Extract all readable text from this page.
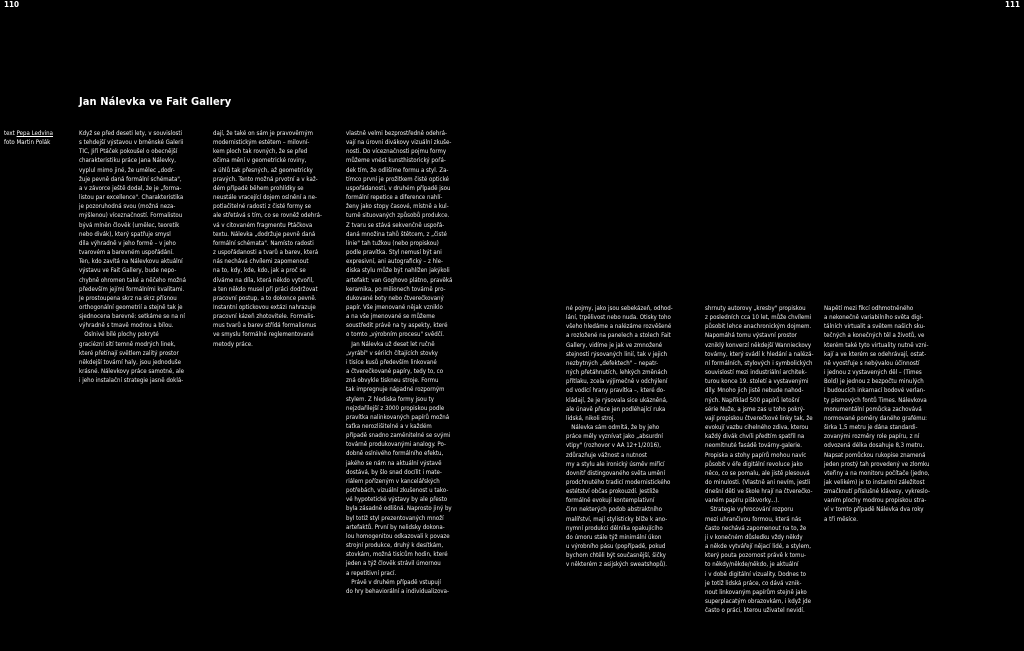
110	111
Jan Nálevka ve Fait Gallery
text Pepa Ledvina
foto Martin Polák

Když se před deseti lety, v souvislosti
s tehdejší výstavou v brněnské Galerii
TIC, Jiří Ptáček pokoušel o obecnější
charakteristiku práce Jana Nálevky,
vyplul mimo jiné, že umělec „dodr-
žuje pevně daná formální schémata",
a v závorce ještě dodal, že je „forma-
listou par excellence". Charakteristika
je pozoruhodná svou (možná neza-
mýšlenou) víceznačností. Formalistou
bývá míněn člověk (umělec, teoretik
nebo divák), který spatřuje smysl
díla výhradně v jeho formě – v jeho
tvarovém a barevném uspořádání.
Ten, kdo zavítá na Nálevkovu aktuální
výstavu ve Fait Gallery, bude nepo-
chybně ohromen také a něčeho možná
především jejími formálními kvalitami.
Je prostoupena skrz na skrz přísnou
orthogonální geometrií a stejně tak je
sjednocena barevně: setkáme se na ní
výhradně s tmavě modrou a bílou.
Oslnivé bílé plochy pokryté
graciézní sítí temně modrých linek,
které přetínají světlem zalitý prostor
někdejší tovární haly, jsou jednoduše
krásné. Nálevkovy práce samotné, ale
i jeho instalační strategie jasně doklá-

dají, že také on sám je pravověrným
modernistickým estétem – milovní-
kem ploch tak rovných, že se před
očima mění v geometrické roviny,
a úhlů tak přesných, až geometricky
pravých. Tento možná prvotní a v kaž-
dém případě během prohlídky se
neustále vracející dojem oslnění a ne-
potlačitelné radosti z čisté formy se
ale střetává s tím, co se rovněž odehrá-
vá v citovaném fragmentu Ptáčkova
textu. Nálevka „dodržuje pevně daná
formální schémata". Namísto radosti
z uspořádanosti a tvarů a barev, která
nás nechává chvílemi zapomenout
na to, kdy, kde, kdo, jak a proč se
díváme na díla, která někdo vytvořil,
a ten někdo musel při práci dodržovat
pracovní postup, a to dokonce pevně.
Instantní optickovou extázi nahrazuje
pracovní kázeň zhotovitele. Formalis-
mus tvarů a barev střídá formalismus
ve smyslu formálně reglementované
metody práce.

vlastně velmi bezprostředně odehrá-
vají na úrovni divákovy vizuální zkuše-
nosti. Do víceznačnosti pojmu formy
můžeme vnést kunsthistorický pořá-
dek tím, že odlišíme formu a styl. Za-
tímco první je prožitkem čisté optické
uspořádanosti, v druhém případě jsou
formální repetice a diference nahlí-
ženy jako stopy časové, místně a kul-
turně situovaných způsobů produkce.
Z tvaru se stává sekvenčně uspořá-
daná množina tahů štětcem, z „čisté
linie" tah tužkou (nebo propiskou)
podle pravítka. Styl nemusí být ani
expresivní, ani autografický – z hle-
diska stylu může být nahlížen jakýkoli
artefakt: van Goghovo plátno, pravěká
keramika, po milionech továrně pro-
dukované boty nebo čtverečkovaný
papír. Vše jmenované nějak vzniklo
a na vše jmenované se můžeme
soustředit právě na ty aspekty, které
o tomto „výrobním procesu" svědčí.
Jan Nálevka už deset let ručně
„vyrábí" v sériích čítajících stovky
i tisíce kusů především linkované
a čtverečkované papíry, tedy to, co
zná obvykle tiskneu stroje. Formu
tak impregnuje nápadné rozporným
stylem. Z hlediska formy jsou ty
nejzdařilejší z 3000 propiskou podle
pravítka nalinkovaných papírů možná
taťka nerozlišitelné a v každém
případě snadno zaměnitelné se svými
továrně produkovanými analogy. Po-
dobně oslnivého formálního efektu,
jakého se nám na aktuální výstavě
dostává, by šlo snad docílit i mate-
riálem pořízeným v kancelářských
potřebách, vizuální zkušenost u tako-
vé hypotetické výstavy by ale přesto
byla zásadně odlišná. Naprosto jiný by
byl totiž styl prezentovaných množí
artefaktů. První by nelidsky dokona-
lou homogenitou odkazovali k povaze
strojní produkce, druhý k desítkám,
stovkám, možná tisícům hodin, které
jeden a týž člověk strávil úmornou
a repetitivní prací.
Právě v druhém případě vstupují
do hry behaviorální a individualizova-

né pojmy, jako jsou sebekázeň, odhod-
lání, trpělivost nebo nuda. Otisky toho
všeho hledáme a nalézáme rozvěšené
a rozložené na panelech a stolech Fait
Gallery, vidíme je jak ve zmnožené
stejnosti rýsovaných linií, tak v jejich
nezbytných „defektech" – nepatr-
ných přetáhnutích, lehkých změnách
přítlaku, zcela výjimečně v odchýlení
od vodící hrany pravítka –, které do-
kládají, že je rýsovala sice ukázněná,
ale únavě přece jen podléhající ruka
lidská, nikoli stroj.
Nálevka sám odmítá, že by jeho
práce měly vyznívat jako „absurdní
vtipy" (rozhovor v AA 12+1/2016),
zdůrazňuje vážnost a nutnost
my a stylu ale ironický úsměv mířící
dovnitř distingovaného světa umění
prodchnutého tradicí modernistického
estétství občas prokouzdí. Jestliže
formálně evokují kontemplativní
činn nekterých podob abstraktního
malířství, mají stylisticky blíže k ano-
nymní produkci dělníka opakujícího
do úmoru stále týž minimální úkon
u výrobního pásu (popřípadě, pokud
bychom chtěli být současnější, šičky
v některém z asijských sweatshopů).

shrnuty autorovy „kresby" propiskou
z posledních cca 10 let, může chvílemi
působit lehce anachronickým dojmem.
Napomáhá tomu výstavní prostor
vzniklý konverzí někdejší Wannieckovy
továrny, který svádí k hledání a nalézá-
ní formálních, stylových i symbolických
souvislostí mezi industriální architek-
turou konce 19. století a vystavenými
díly. Mnoho jich jistě nebude nahod-
ných. Například 500 papírů letošní
série Nuže, a jsme zas u toho pokrý-
vají propiskou čtverečkové linky tak, že
evokují vazbu cihelného zdiva, kterou
každý divák chvíli předtím spatřil na
neomítnuté fasádě továrny-galerie.
Propiska a stohy papírů mohou navíc
působit v éře digitální revoluce jako
něco, co se pomalu, ale jistě plesouvá
do minulosti. (Vlastně ani nevím, jestli
dnešní děti ve škole hrají na čtverečko-
vaném papíru piškvorky...).
Strategie vyhrocování rozporu
mezi uhrančivou formou, která nás
často nechává zapomenout na to, že
ji v konečném důsledku vždy někdy
a někde vytvářejí nějací lidé, a stylem,
který pouta pozornost právě k tomu-
to někdy/někde/někdo, je aktuální
i v době digitální vizuality. Dodnes to
je totiž lidská práce, co dává vznik-
nout linkovaným papírům stejně jako
superplacatým obrazovkám, i když jde
často o práci, kterou uživatel nevidí.

Napětí mezi fikcí odhmotněného
a nekonečně variabilního světa digi-
tálních virtualit a světem našich sku-
tečných a konečných těl a životů, ve
kterém také tyto virtuality nutně vzni-
kají a ve kterém se odehrávají, ostat-
ně vyostřuje s nebývalou účinností
i jednou z vystavených děl – (Times
Bold) je jednou z bezpočtu minulých
i budoucích inkarnací bodové verlan-
ty písmových fontů Times. Nálevkova
monumentální pomůcka zachovává
normované poměry daného grafému:
širka 1,5 metru je dána standardi-
zovanými rozměry role papíru, z ní
odvozená délka dosahuje 8,3 metru.
Napsat pomůckou rukopise znamená
jeden prostý tah provedený ve zlomku
vteřiny a na monitoru počítače (jedno,
jak velikém) je to instantní záležitost
zmačknutí příslušné klávesy, vykreslo-
vaním plochy modrou propiskou stra-
ví v tomto případě Nálevka dva roky
a tři měsíce.
